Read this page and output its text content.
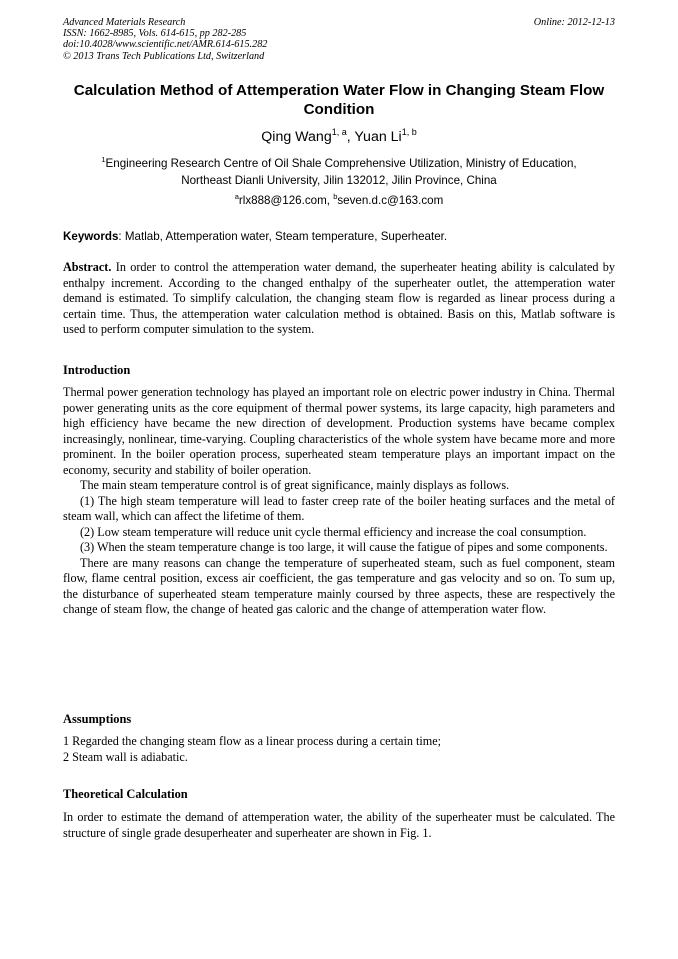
Advanced Materials Research
ISSN: 1662-8985, Vols. 614-615, pp 282-285
doi:10.4028/www.scientific.net/AMR.614-615.282
© 2013 Trans Tech Publications Ltd, Switzerland
Online: 2012-12-13
Calculation Method of Attemperation Water Flow in Changing Steam Flow Condition
Qing Wang$^{1, a}$, Yuan Li$^{1, b}$
$^1$Engineering Research Centre of Oil Shale Comprehensive Utilization, Ministry of Education,
Northeast Dianli University, Jilin 132012, Jilin Province, China
$^a$rlx888@126.com, $^b$seven.d.c@163.com
Keywords: Matlab, Attemperation water, Steam temperature, Superheater.

Abstract. In order to control the attemperation water demand, the superheater heating ability is calculated by enthalpy increment. According to the changed enthalpy of the superheater outlet, the attemperation water demand is estimated. To simplify calculation, the changing steam flow is regarded as linear process during a certain time. Thus, the attemperation water calculation method is obtained. Basis on this, Matlab software is used to perform computer simulation to the system.

Introduction

Thermal power generation technology has played an important role on electric power industry in China. Thermal power generating units as the core equipment of thermal power systems, its large capacity, high parameters and high efficiency have became the new direction of development. Production systems have became complex increasingly, nonlinear, time-varying. Coupling characteristics of the whole system have became more and more prominent. In the boiler operation process, superheated steam temperature plays an important impact on the economy, security and stability of boiler operation.

The main steam temperature control is of great significance, mainly displays as follows.

(1) The high steam temperature will lead to faster creep rate of the boiler heating surfaces and the metal of steam wall, which can affect the lifetime of them.

(2) Low steam temperature will reduce unit cycle thermal efficiency and increase the coal consumption.

(3) When the steam temperature change is too large, it will cause the fatigue of pipes and some components.

There are many reasons can change the temperature of superheated steam, such as fuel component, steam flow, flame central position, excess air coefficient, the gas temperature and gas velocity and so on. To sum up, the disturbance of superheated steam temperature mainly coursed by three aspects, these are respectively the change of steam flow, the change of heated gas caloric and the change of attemperation water flow.

Assumptions

1 Regarded the changing steam flow as a linear process during a certain time;

2 Steam wall is adiabatic.

Theoretical Calculation

In order to estimate the demand of attemperation water, the ability of the superheater must be calculated. The structure of single grade desuperheater and superheater are shown in Fig. 1.
